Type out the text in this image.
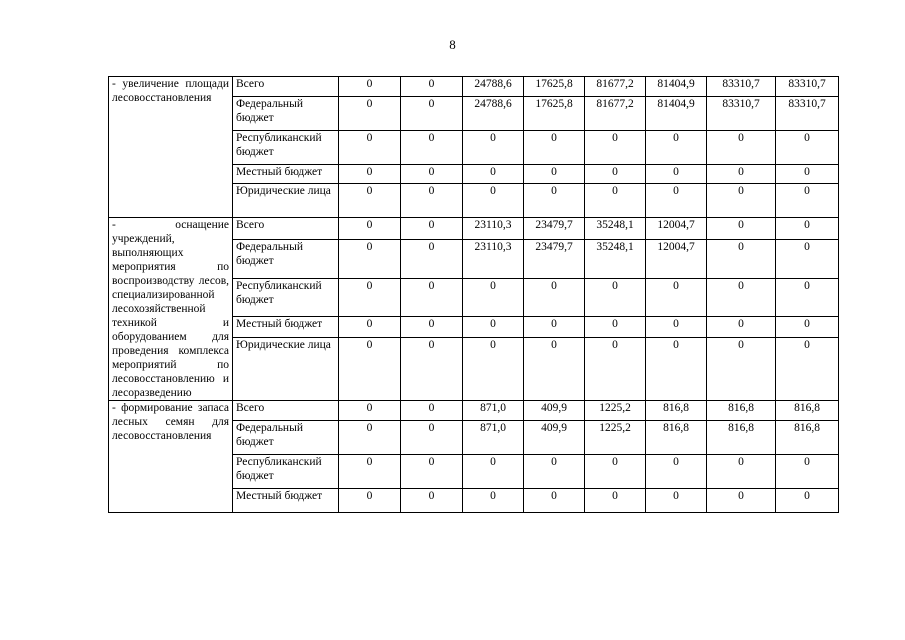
8
- увеличение площади лесовосстановления	Всего	0	0	24788,6	17625,8	81677,2	81404,9	83310,7	83310,7
	Федеральный бюджет	0	0	24788,6	17625,8	81677,2	81404,9	83310,7	83310,7
	Республиканский бюджет	0	0	0	0	0	0	0	0
	Местный бюджет	0	0	0	0	0	0	0	0
	Юридические лица	0	0	0	0	0	0	0	0
- оснащение учреждений, выполняющих мероприятия по воспроизводству лесов, специализированной лесохозяйственной техникой и оборудованием для проведения комплекса мероприятий по лесовосстановлению и лесоразведению	Всего	0	0	23110,3	23479,7	35248,1	12004,7	0	0
	Федеральный бюджет	0	0	23110,3	23479,7	35248,1	12004,7	0	0
	Республиканский бюджет	0	0	0	0	0	0	0	0
	Местный бюджет	0	0	0	0	0	0	0	0
	Юридические лица	0	0	0	0	0	0	0	0
- формирование запаса лесных семян для лесовосстановления	Всего	0	0	871,0	409,9	1225,2	816,8	816,8	816,8
	Федеральный бюджет	0	0	871,0	409,9	1225,2	816,8	816,8	816,8
	Республиканский бюджет	0	0	0	0	0	0	0	0
	Местный бюджет	0	0	0	0	0	0	0	0
